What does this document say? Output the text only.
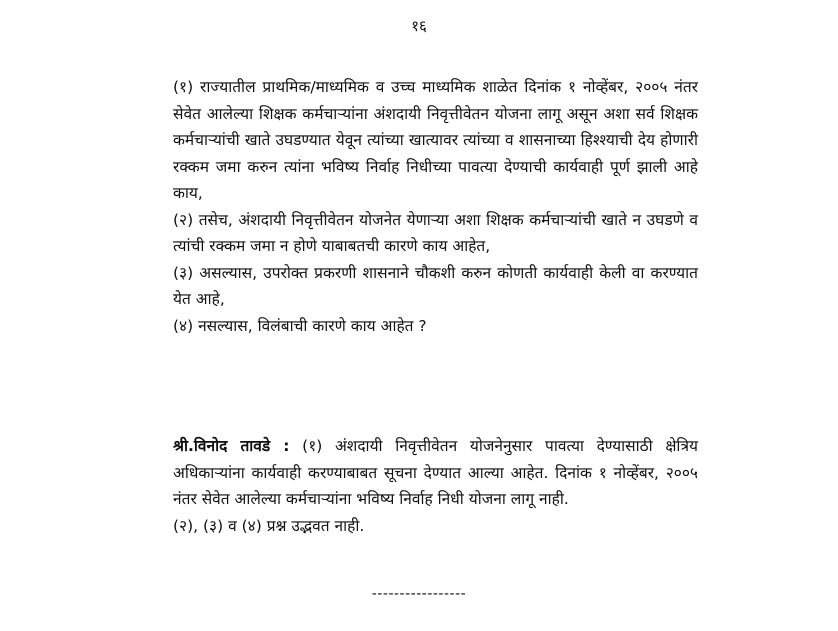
१६

(१) राज्यातील प्राथमिक/माध्यमिक व उच्च माध्यमिक शाळेत दिनांक १ नोव्हेंबर, २००५ नंतर सेवेत आलेल्या शिक्षक कर्मचाऱ्यांना अंशदायी निवृत्तीवेतन योजना लागू असून अशा सर्व शिक्षक कर्मचाऱ्यांची खाते उघडण्यात येवून त्यांच्या खात्यावर त्यांच्या व शासनाच्या हिश्श्याची देय होणारी रक्कम जमा करुन त्यांना भविष्य निर्वाह निधीच्या पावत्या देण्याची कार्यवाही पूर्ण झाली आहे काय,

(२) तसेच, अंशदायी निवृत्तीवेतन योजनेत येणाऱ्या अशा शिक्षक कर्मचाऱ्यांची खाते न उघडणे व त्यांची रक्कम जमा न होणे याबाबतची कारणे काय आहेत,

(३) असल्यास, उपरोक्त प्रकरणी शासनाने चौकशी करुन कोणती कार्यवाही केली वा करण्यात येत आहे,

(४) नसल्यास, विलंबाची कारणे काय आहेत ?

श्री.विनोद तावडे : (१) अंशदायी निवृत्तीवेतन योजनेनुसार पावत्या देण्यासाठी क्षेत्रिय अधिकाऱ्यांना कार्यवाही करण्याबाबत सूचना देण्यात आल्या आहेत. दिनांक १ नोव्हेंबर, २००५ नंतर सेवेत आलेल्या कर्मचाऱ्यांना भविष्य निर्वाह निधी योजना लागू नाही.

(२), (३) व (४) प्रश्न उद्भवत नाही.

-----------------
